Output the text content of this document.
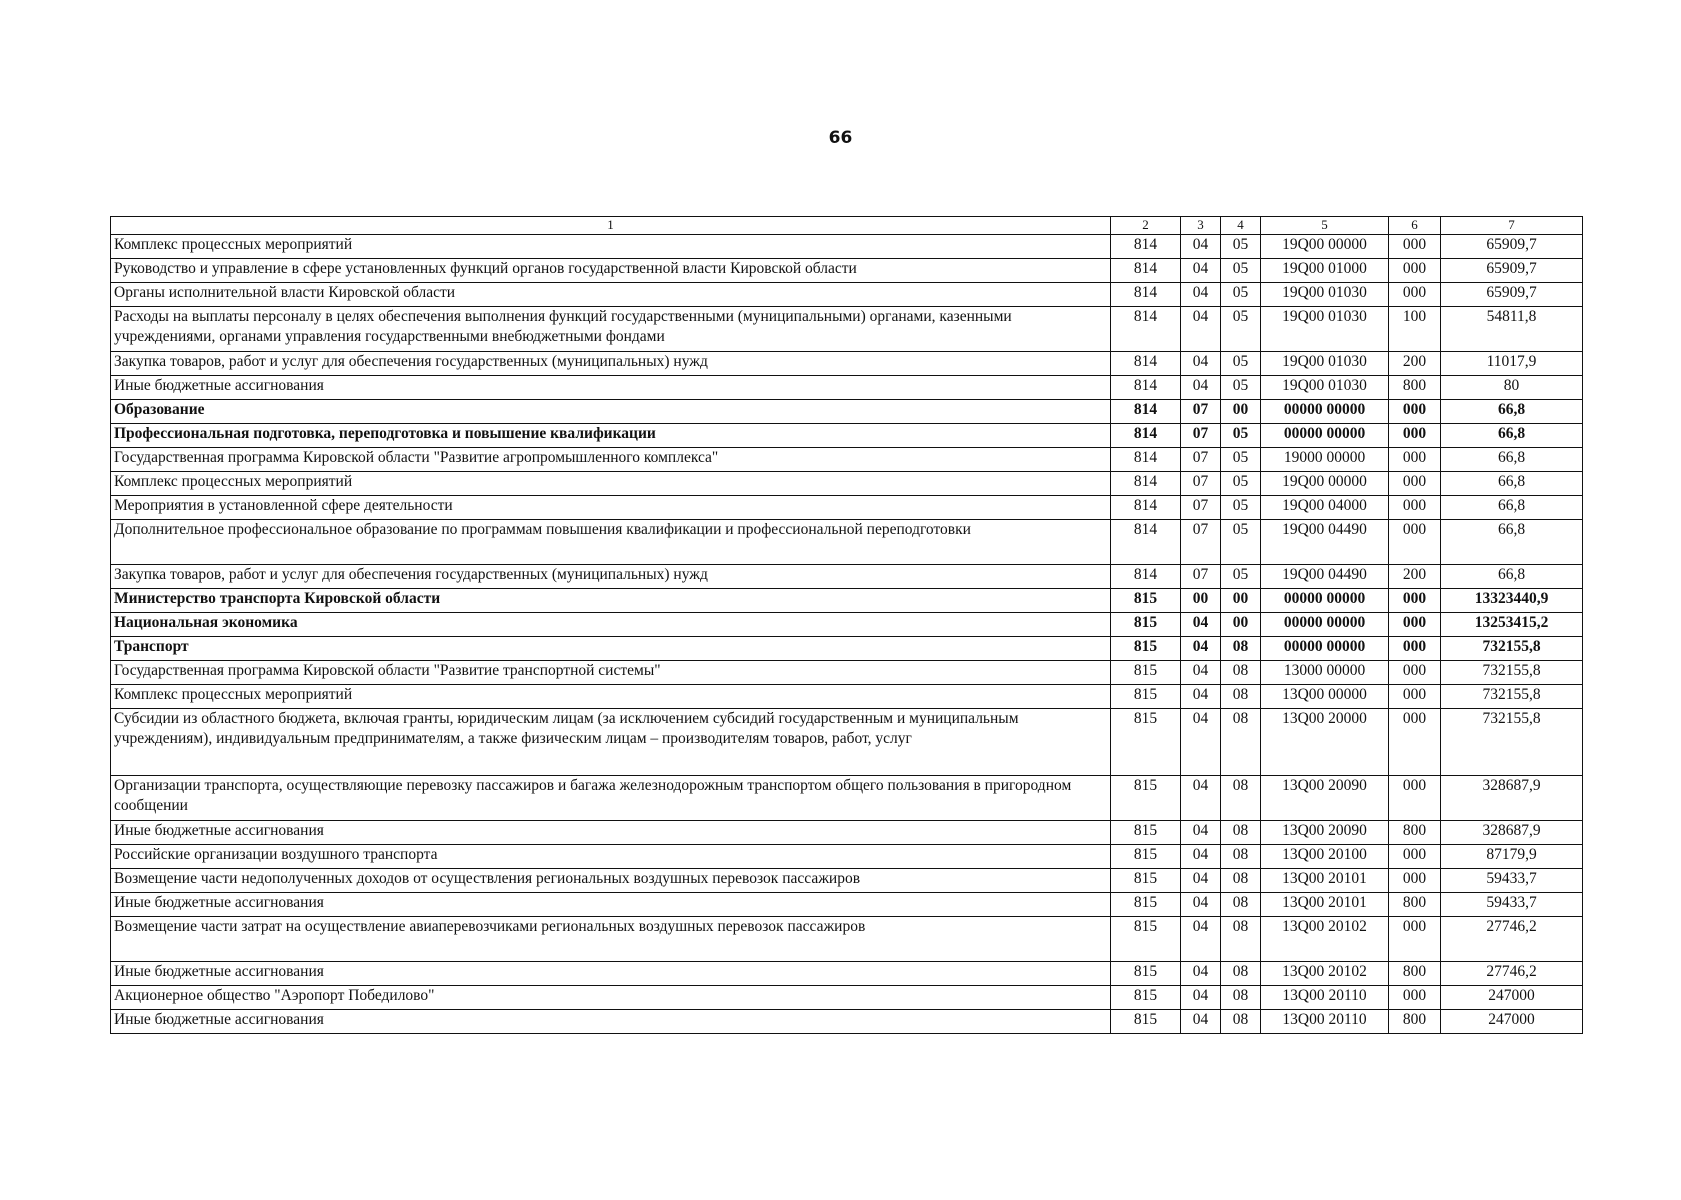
66
1	2	3	4	5	6	7
Комплекс процессных мероприятий	814	04	05	19Q00 00000	000	65909,7
Руководство и управление в сфере установленных функций органов государственной власти Кировской области	814	04	05	19Q00 01000	000	65909,7
Органы исполнительной власти Кировской области	814	04	05	19Q00 01030	000	65909,7
Расходы на выплаты персоналу в целях обеспечения выполнения функций государственными (муниципальными) органами, казенными учреждениями, органами управления государственными внебюджетными фондами	814	04	05	19Q00 01030	100	54811,8
Закупка товаров, работ и услуг для обеспечения государственных (муниципальных) нужд	814	04	05	19Q00 01030	200	11017,9
Иные бюджетные ассигнования	814	04	05	19Q00 01030	800	80
Образование	814	07	00	00000 00000	000	66,8
Профессиональная подготовка, переподготовка и повышение квалификации	814	07	05	00000 00000	000	66,8
Государственная программа Кировской области "Развитие агропромышленного комплекса"	814	07	05	19000 00000	000	66,8
Комплекс процессных мероприятий	814	07	05	19Q00 00000	000	66,8
Мероприятия в установленной сфере деятельности	814	07	05	19Q00 04000	000	66,8
Дополнительное профессиональное образование по программам повышения квалификации и профессиональной переподготовки	814	07	05	19Q00 04490	000	66,8
Закупка товаров, работ и услуг для обеспечения государственных (муниципальных) нужд	814	07	05	19Q00 04490	200	66,8
Министерство транспорта Кировской области	815	00	00	00000 00000	000	13323440,9
Национальная экономика	815	04	00	00000 00000	000	13253415,2
Транспорт	815	04	08	00000 00000	000	732155,8
Государственная программа Кировской области "Развитие транспортной системы"	815	04	08	13000 00000	000	732155,8
Комплекс процессных мероприятий	815	04	08	13Q00 00000	000	732155,8
Субсидии из областного бюджета, включая гранты, юридическим лицам (за исключением субсидий государственным и муниципальным учреждениям), индивидуальным предпринимателям, а также физическим лицам – производителям товаров, работ, услуг	815	04	08	13Q00 20000	000	732155,8
Организации транспорта, осуществляющие перевозку пассажиров и багажа железнодорожным транспортом общего пользования в пригородном сообщении	815	04	08	13Q00 20090	000	328687,9
Иные бюджетные ассигнования	815	04	08	13Q00 20090	800	328687,9
Российские организации воздушного транспорта	815	04	08	13Q00 20100	000	87179,9
Возмещение части недополученных доходов от осуществления региональных воздушных перевозок пассажиров	815	04	08	13Q00 20101	000	59433,7
Иные бюджетные ассигнования	815	04	08	13Q00 20101	800	59433,7
Возмещение части затрат на осуществление авиаперевозчиками региональных воздушных перевозок пассажиров	815	04	08	13Q00 20102	000	27746,2
Иные бюджетные ассигнования	815	04	08	13Q00 20102	800	27746,2
Акционерное общество "Аэропорт Победилово"	815	04	08	13Q00 20110	000	247000
Иные бюджетные ассигнования	815	04	08	13Q00 20110	800	247000
